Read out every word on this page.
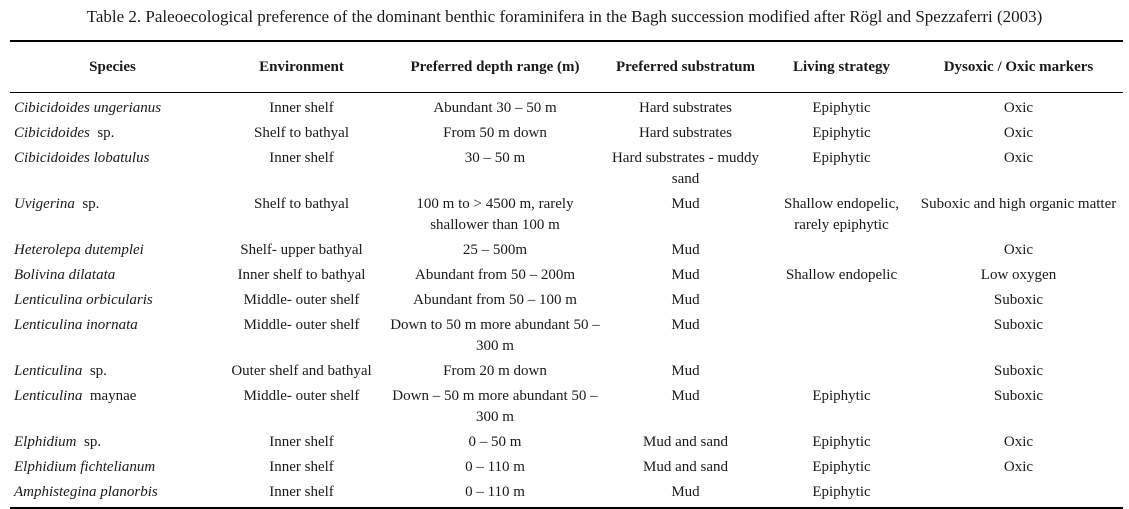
Table 2. Paleoecological preference of the dominant benthic foraminifera in the Bagh succession modified after Rögl and Spezzaferri (2003)
Species	Environment	Preferred depth range (m)	Preferred substratum	Living strategy	Dysoxic / Oxic markers
Cibicidoides ungerianus	Inner shelf	Abundant 30 – 50 m	Hard substrates	Epiphytic	Oxic
Cibicidoides sp.	Shelf to bathyal	From 50 m down	Hard substrates	Epiphytic	Oxic
Cibicidoides lobatulus	Inner shelf	30 – 50 m	Hard substrates - muddy sand	Epiphytic	Oxic
Uvigerina sp.	Shelf to bathyal	100 m to > 4500 m, rarely shallower than 100 m	Mud	Shallow endopelic, rarely epiphytic	Suboxic and high organic matter
Heterolepa dutemplei	Shelf- upper bathyal	25 – 500m	Mud		Oxic
Bolivina dilatata	Inner shelf to bathyal	Abundant from 50 – 200m	Mud	Shallow endopelic	Low oxygen
Lenticulina orbicularis	Middle- outer shelf	Abundant from 50 – 100 m	Mud		Suboxic
Lenticulina inornata	Middle- outer shelf	Down to 50 m more abundant 50 – 300 m	Mud		Suboxic
Lenticulina sp.	Outer shelf and bathyal	From 20 m down	Mud		Suboxic
Lenticulina maynae	Middle- outer shelf	Down – 50 m more abundant 50 – 300 m	Mud	Epiphytic	Suboxic
Elphidium sp.	Inner shelf	0 – 50 m	Mud and sand	Epiphytic	Oxic
Elphidium fichtelianum	Inner shelf	0 – 110 m	Mud and sand	Epiphytic	Oxic
Amphistegina planorbis	Inner shelf	0 – 110 m	Mud	Epiphytic	
